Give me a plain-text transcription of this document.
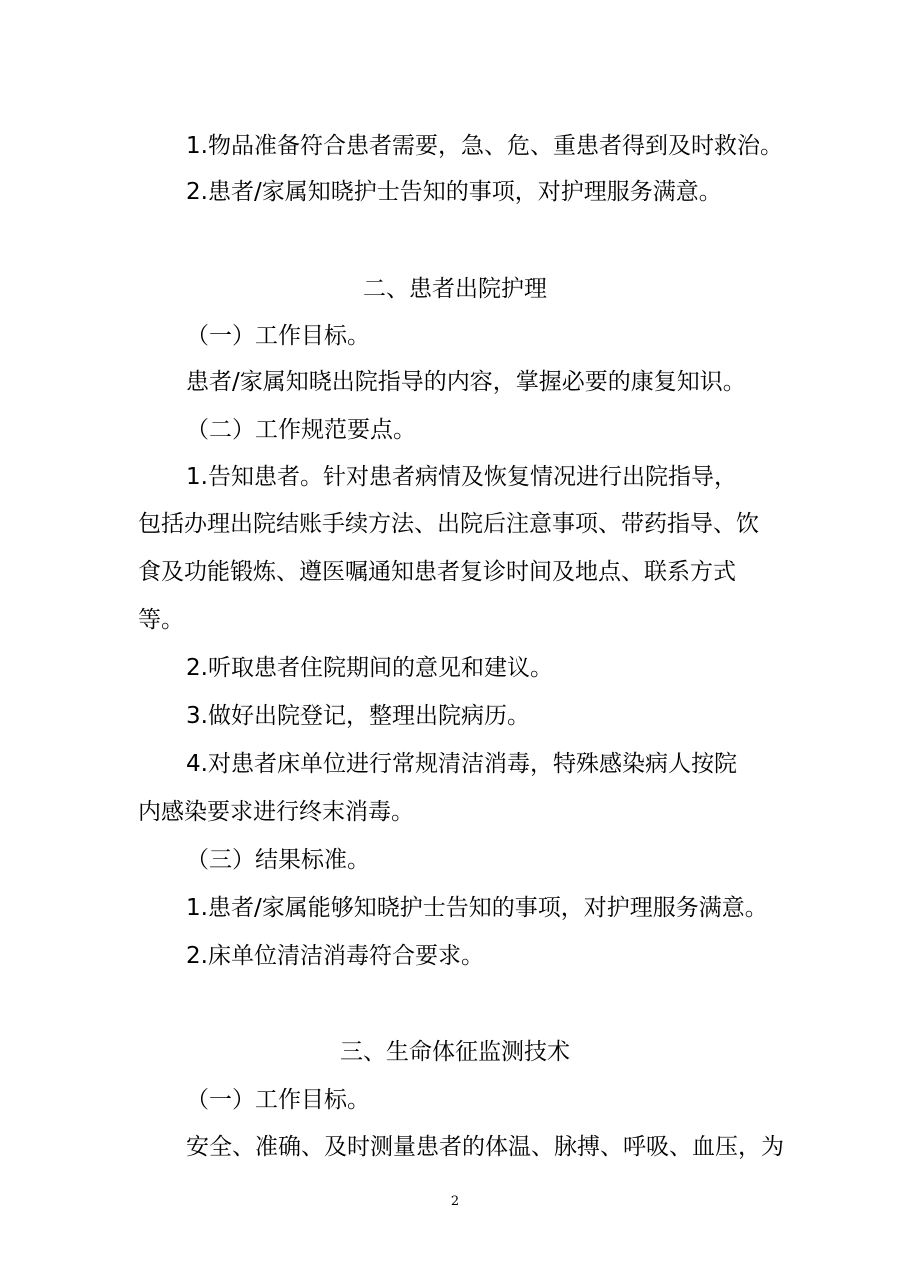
1.物品准备符合患者需要，急、危、重患者得到及时救治。
2.患者/家属知晓护士告知的事项，对护理服务满意。
二、患者出院护理
（一）工作目标。
患者/家属知晓出院指导的内容，掌握必要的康复知识。
（二）工作规范要点。
1.告知患者。针对患者病情及恢复情况进行出院指导，
包括办理出院结账手续方法、出院后注意事项、带药指导、饮
食及功能锻炼、遵医嘱通知患者复诊时间及地点、联系方式
等。
2.听取患者住院期间的意见和建议。
3.做好出院登记，整理出院病历。
4.对患者床单位进行常规清洁消毒，特殊感染病人按院
内感染要求进行终末消毒。
（三）结果标准。
1.患者/家属能够知晓护士告知的事项，对护理服务满意。
2.床单位清洁消毒符合要求。
三、生命体征监测技术
（一）工作目标。
安全、准确、及时测量患者的体温、脉搏、呼吸、血压，为
2
